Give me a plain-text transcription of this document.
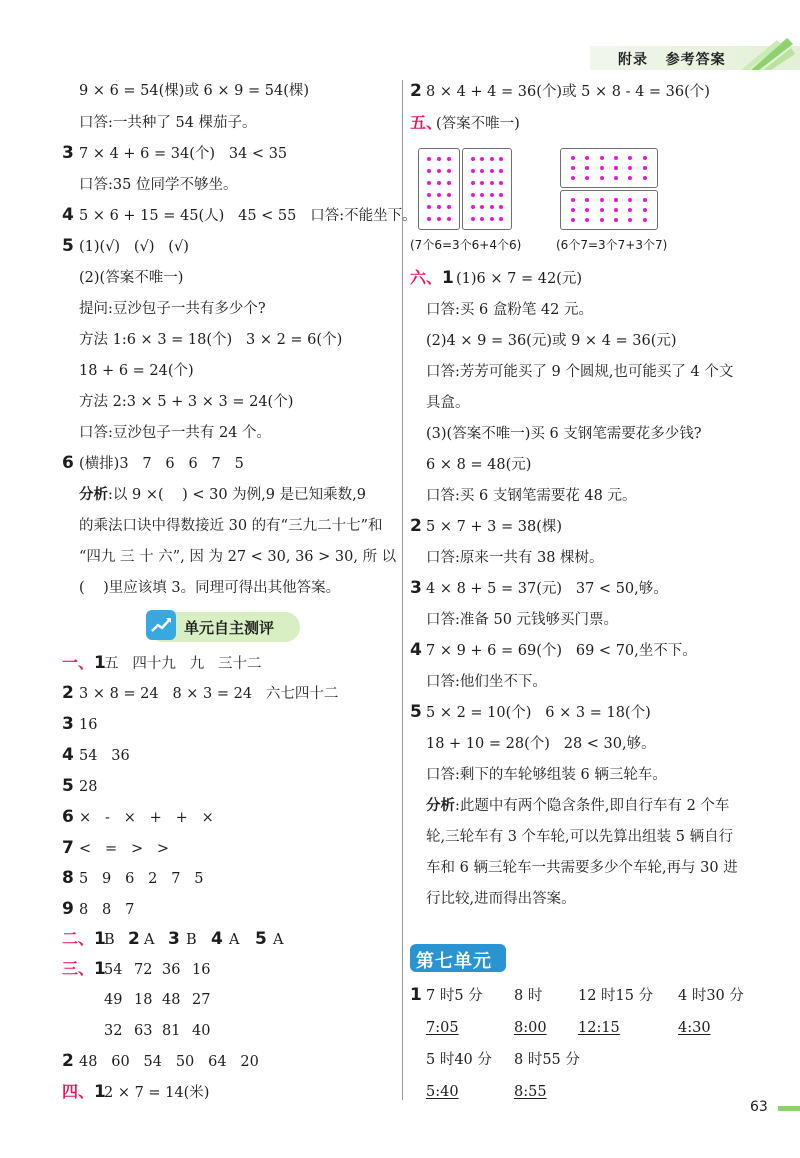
附录   参考答案
9 × 6 = 54(棵)或 6 × 9 = 54(棵)
口答:一共种了 54 棵茄子。
3 7 × 4 + 6 = 34(个)   34 < 35
口答:35 位同学不够坐。
4 5 × 6 + 15 = 45(人)   45 < 55   口答:不能坐下。
5 (1)(√)   (√)   (√)
(2)(答案不唯一)
提问:豆沙包子一共有多少个?
方法 1:6 × 3 = 18(个)   3 × 2 = 6(个)
18 + 6 = 24(个)
方法 2:3 × 5 + 3 × 3 = 24(个)
口答:豆沙包子一共有 24 个。
6 (横排)3   7   6   6   7   5
分析:以 9 ×(    ) < 30 为例,9 是已知乘数,9
的乘法口诀中得数接近 30 的有“三九二十七”和
“四九 三 十 六”, 因 为 27 < 30, 36 > 30, 所 以
(    )里应该填 3。同理可得出其他答案。
单元自主测评
一、1
五   四十九   九   三十二
2 3 × 8 = 24   8 × 3 = 24   六七四十二
3 16
4 54   36
5 28
6 ×   -   ×   +   +   ×
7 <   =   >   >
8 5   9   6   2   7   5
9 8   8   7
二、1
B 2 A 3 B 4 A 5 A
三、1
54 72 36 16
49 18 48 27
32 63 81 40
2 48   60   54   50   64   20
四、1
2 × 7 = 14(米)
2 8 × 4 + 4 = 36(个)或 5 × 8 - 4 = 36(个)
五、
(答案不唯一)
(7个6=3个6+4个6)	(6个7=3个7+3个7)
六、1 (1)6 × 7 = 42(元)
口答:买 6 盒粉笔 42 元。
(2)4 × 9 = 36(元)或 9 × 4 = 36(元)
口答:芳芳可能买了 9 个圆规,也可能买了 4 个文
具盒。
(3)(答案不唯一)买 6 支钢笔需要花多少钱?
6 × 8 = 48(元)
口答:买 6 支钢笔需要花 48 元。
2 5 × 7 + 3 = 38(棵)
口答:原来一共有 38 棵树。
3 4 × 8 + 5 = 37(元)   37 < 50,够。
口答:准备 50 元钱够买门票。
4 7 × 9 + 6 = 69(个)   69 < 70,坐不下。
口答:他们坐不下。
5 5 × 2 = 10(个)   6 × 3 = 18(个)
18 + 10 = 28(个)   28 < 30,够。
口答:剩下的车轮够组装 6 辆三轮车。
分析:此题中有两个隐含条件,即自行车有 2 个车
轮,三轮车有 3 个车轮,可以先算出组装 5 辆自行
车和 6 辆三轮车一共需要多少个车轮,再与 30 进
行比较,进而得出答案。
第七单元
1 7 时5 分 8 时 12 时15 分 4 时30 分
7:05	8:00 12:15	4:30
5 时40 分 8 时55 分
5:40	8:55
63
